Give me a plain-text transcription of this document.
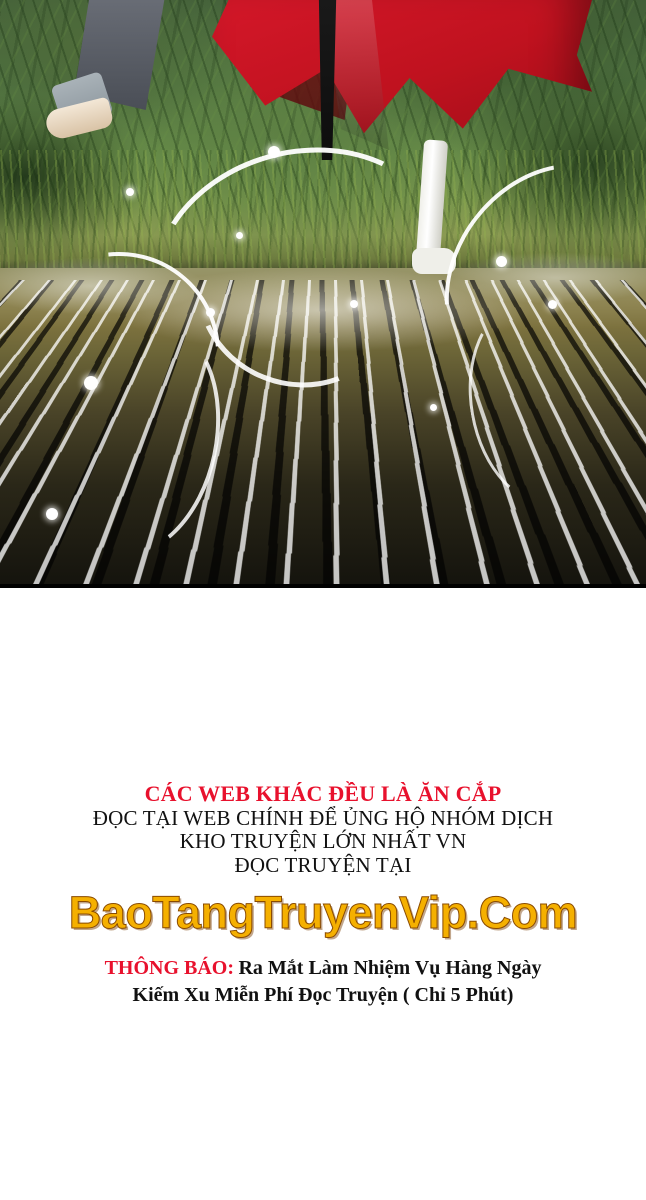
CÁC WEB KHÁC ĐỀU LÀ ĂN CẮP
ĐỌC TẠI WEB CHÍNH ĐỂ ỦNG HỘ NHÓM DỊCH
KHO TRUYỆN LỚN NHẤT VN
ĐỌC TRUYỆN TẠI
BaoTangTruyenVip.Com
THÔNG BÁO: Ra Mắt Làm Nhiệm Vụ Hàng Ngày
Kiếm Xu Miễn Phí Đọc Truyện ( Chỉ 5 Phút)
